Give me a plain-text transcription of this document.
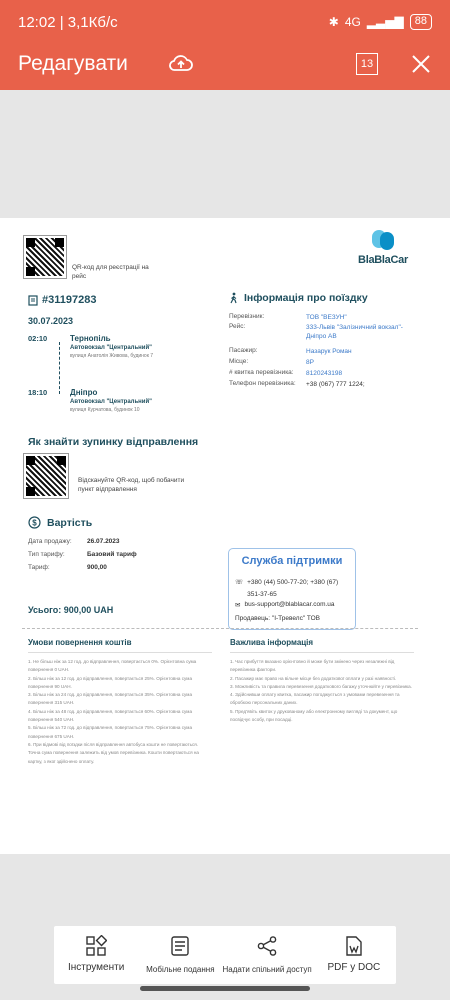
12:02 | 3,1Кб/с	✱ 4G ▂▃▅▇	88
Редагувати	13
QR-код для реєстрації на рейс
BlaBlaCar
#31197283
30.07.2023
02:10	Тернопіль
Автовокзал "Центральний"
вулиця Анатолія Живова, будинок 7
18:10	Дніпро
Автовокзал "Центральний"
вулиця Курчатова, будинок 10
Інформація про поїздку
Перевізник:	ТОВ "ВЕЗУН"
Рейс:	333-Львів "Залізничний вокзал"-Дніпро АВ
Пасажир:	Назарук Роман
Місце:	8Р
# квитка перевізника:	8120243198
Телефон перевізника:	+38 (067) 777 1224;
Як знайти зупинку відправлення
Відскануйте QR-код, щоб побачити пункт відправлення
$ Вартість
Дата продажу: 26.07.2023
Тип тарифу:	Базовий тариф
Тариф:	900,00
Усього: 900,00 UAH
Служба підтримки
☏ +380 (44) 500-77-20; +380 (67) 351-37-65
✉ bus-support@blablacar.com.ua
Продавець: "І-Тревелс" ТОВ
Умови повернення коштів

1. Не більш ніж за 12 год. до відправлення, повертається 0%. Орієнтовна сума повернення 0 UAH.

2. Більш ніж за 12 год. до відправлення, повертається 25%. Орієнтовна сума повернення 90 UAH.

3. Більш ніж за 24 год. до відправлення, повертається 35%. Орієнтовна сума повернення 315 UAH.

4. Більш ніж за 48 год. до відправлення, повертається 60%. Орієнтовна сума повернення 540 UAH.

5. Більш ніж за 72 год. до відправлення, повертається 75%. Орієнтовна сума повернення 675 UAH.

6. При відмові від поїздки після відправлення автобуса кошти не повертаються.

Точна сума повернення залежить від умов перевізника. Кошти повертаються на картку, з якої здійснено оплату.

Важлива інформація

1. Час прибуття вказано орієнтовно й може бути змінено через незалежні від перевізника фактори.

2. Пасажир має право на вільне місце без додаткової оплати у разі наявності.

3. Можливість та правила перевезення додаткового багажу уточнюйте у перевізника.

4. Здійснивши оплату квитка, пасажир погоджується з умовами перевезення та обробкою персональних даних.

5. Пред'явіть квиток у друкованому або електронному вигляді та документ, що посвідчує особу, при посадці.

Інструменти	Мобільне подання Надати спільний доступ PDF у DOC
